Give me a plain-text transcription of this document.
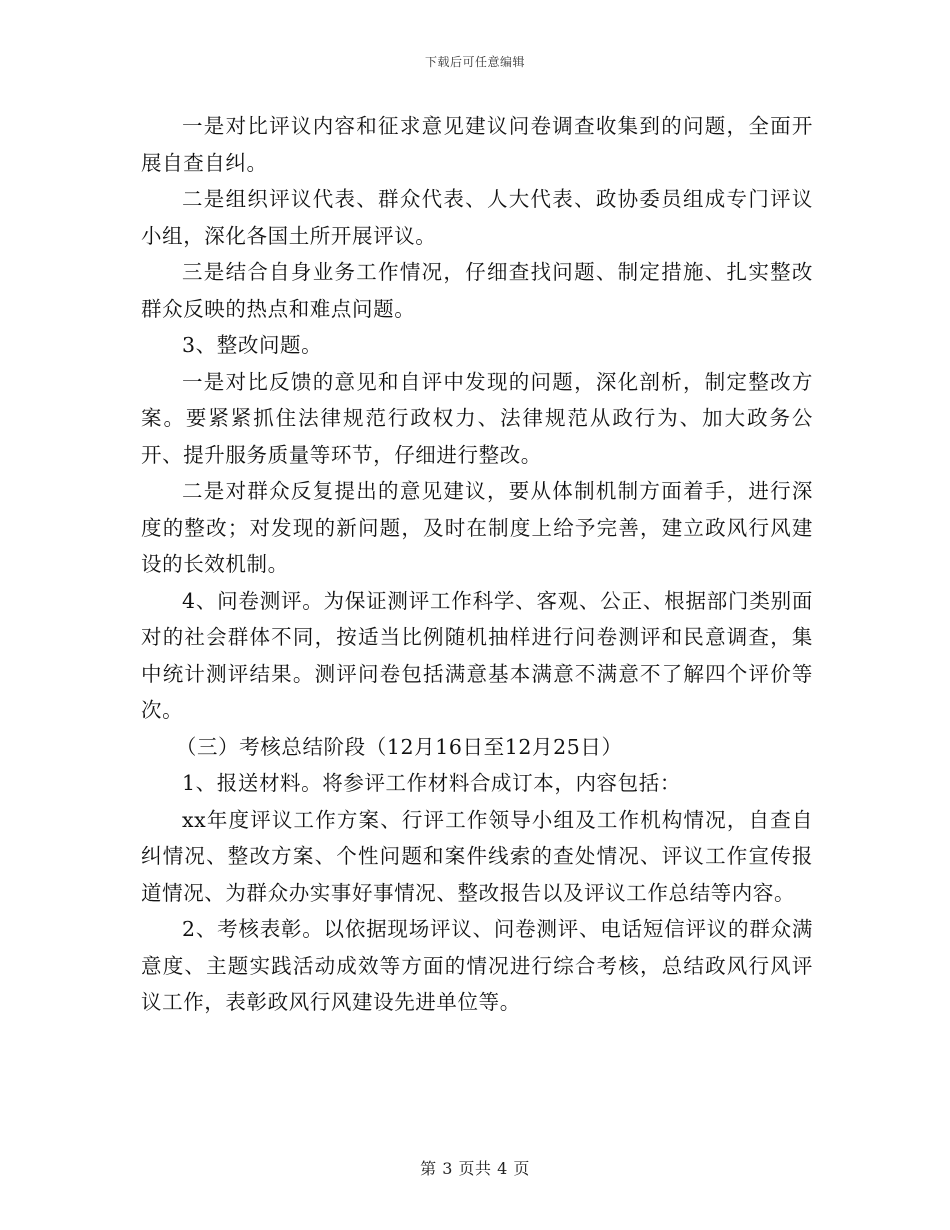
下载后可任意编辑

一是对比评议内容和征求意见建议问卷调查收集到的问题，全面开展自查自纠。

二是组织评议代表、群众代表、人大代表、政协委员组成专门评议小组，深化各国土所开展评议。

三是结合自身业务工作情况，仔细查找问题、制定措施、扎实整改群众反映的热点和难点问题。

3、整改问题。

一是对比反馈的意见和自评中发现的问题，深化剖析，制定整改方案。要紧紧抓住法律规范行政权力、法律规范从政行为、加大政务公开、提升服务质量等环节，仔细进行整改。

二是对群众反复提出的意见建议，要从体制机制方面着手，进行深度的整改；对发现的新问题，及时在制度上给予完善，建立政风行风建设的长效机制。

4、问卷测评。为保证测评工作科学、客观、公正、根据部门类别面对的社会群体不同，按适当比例随机抽样进行问卷测评和民意调查，集中统计测评结果。测评问卷包括满意基本满意不满意不了解四个评价等次。

（三）考核总结阶段（12月16日至12月25日）

1、报送材料。将参评工作材料合成订本，内容包括：

xx年度评议工作方案、行评工作领导小组及工作机构情况，自查自纠情况、整改方案、个性问题和案件线索的查处情况、评议工作宣传报道情况、为群众办实事好事情况、整改报告以及评议工作总结等内容。

2、考核表彰。以依据现场评议、问卷测评、电话短信评议的群众满意度、主题实践活动成效等方面的情况进行综合考核，总结政风行风评议工作，表彰政风行风建设先进单位等。

第 3 页共 4 页
